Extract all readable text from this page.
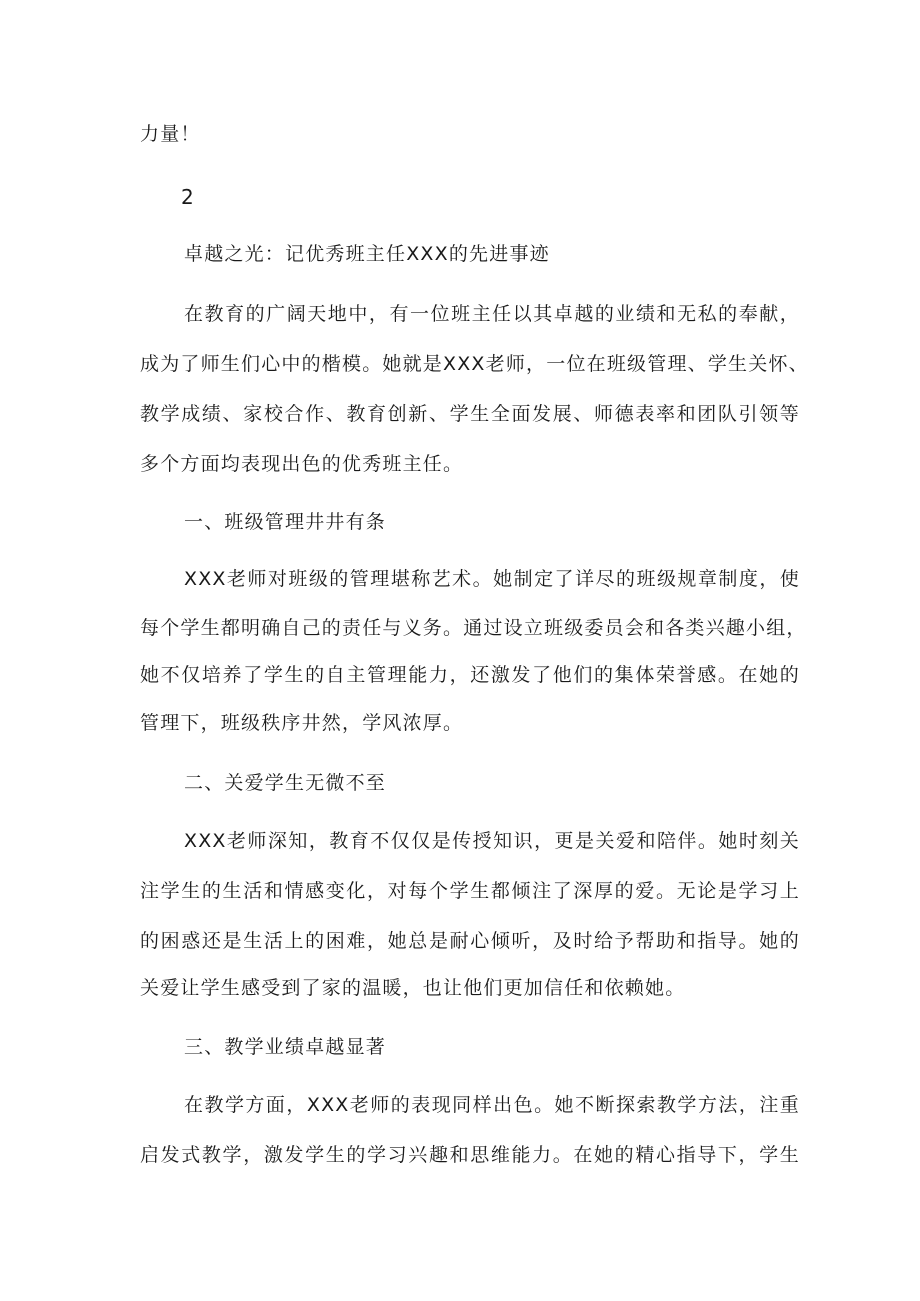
力量！
2
卓越之光：记优秀班主任XXX的先进事迹
在教育的广阔天地中，有一位班主任以其卓越的业绩和无私的奉献，
成为了师生们心中的楷模。她就是XXX老师，一位在班级管理、学生关怀、
教学成绩、家校合作、教育创新、学生全面发展、师德表率和团队引领等
多个方面均表现出色的优秀班主任。
一、班级管理井井有条
XXX老师对班级的管理堪称艺术。她制定了详尽的班级规章制度，使
每个学生都明确自己的责任与义务。通过设立班级委员会和各类兴趣小组，
她不仅培养了学生的自主管理能力，还激发了他们的集体荣誉感。在她的
管理下，班级秩序井然，学风浓厚。
二、关爱学生无微不至
XXX老师深知，教育不仅仅是传授知识，更是关爱和陪伴。她时刻关
注学生的生活和情感变化，对每个学生都倾注了深厚的爱。无论是学习上
的困惑还是生活上的困难，她总是耐心倾听，及时给予帮助和指导。她的
关爱让学生感受到了家的温暖，也让他们更加信任和依赖她。
三、教学业绩卓越显著
在教学方面，XXX老师的表现同样出色。她不断探索教学方法，注重
启发式教学，激发学生的学习兴趣和思维能力。在她的精心指导下，学生
